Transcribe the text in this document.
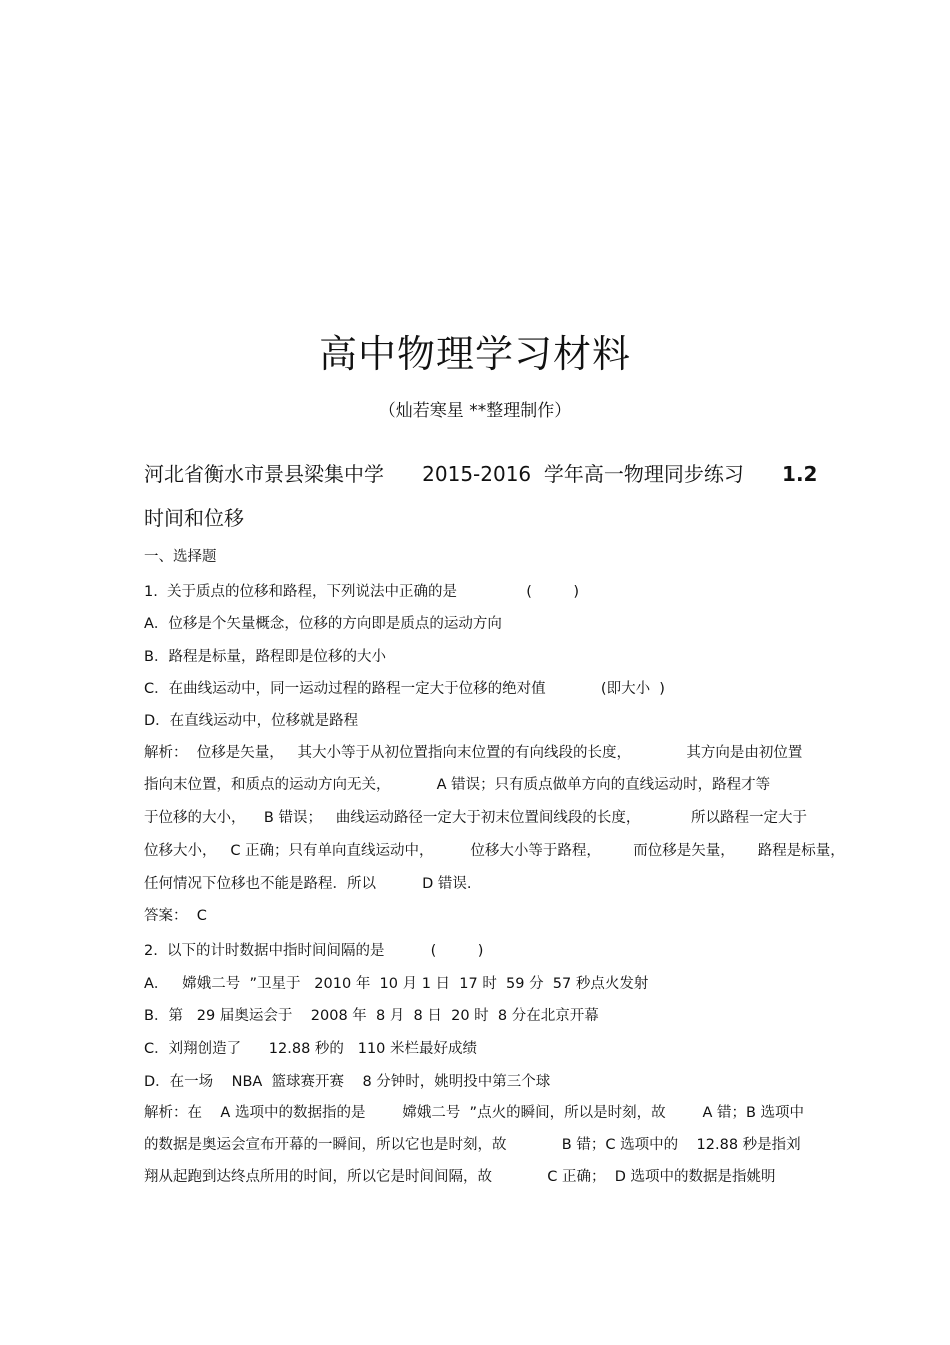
高中物理学习材料
（灿若寒星 **整理制作）
河北省衡水市景县梁集中学      2015-2016  学年高一物理同步练习      1.2
时间和位移
一、选择题
1.  关于质点的位移和路程，下列说法中正确的是               (         )
A．位移是个矢量概念，位移的方向即是质点的运动方向
B．路程是标量，路程即是位移的大小
C．在曲线运动中，同一运动过程的路程一定大于位移的绝对值            (即大小  )
D．在直线运动中，位移就是路程
解析：  位移是矢量，   其大小等于从初位置指向末位置的有向线段的长度，            其方向是由初位置
指向末位置，和质点的运动方向无关，          A 错误；只有质点做单方向的直线运动时，路程才等
于位移的大小，    B 错误；   曲线运动路径一定大于初末位置间线段的长度，           所以路程一定大于
位移大小，   C 正确；只有单向直线运动中，        位移大小等于路程，       而位移是矢量，     路程是标量，
任何情况下位移也不能是路程．所以          D 错误.
答案：  C
2.  以下的计时数据中指时间间隔的是          (         )
A．   嫦娥二号  ”卫星于   2010 年  10 月 1 日  17 时  59 分  57 秒点火发射
B．第   29 届奥运会于    2008 年  8 月  8 日  20 时  8 分在北京开幕
C．刘翔创造了      12.88 秒的   110 米栏最好成绩
D．在一场    NBA  篮球赛开赛    8 分钟时，姚明投中第三个球
解析：在    A 选项中的数据指的是        嫦娥二号  ”点火的瞬间，所以是时刻，故        A 错；B 选项中
的数据是奥运会宣布开幕的一瞬间，所以它也是时刻，故            B 错；C 选项中的    12.88 秒是指刘
翔从起跑到达终点所用的时间，所以它是时间间隔，故            C 正确；  D 选项中的数据是指姚明
